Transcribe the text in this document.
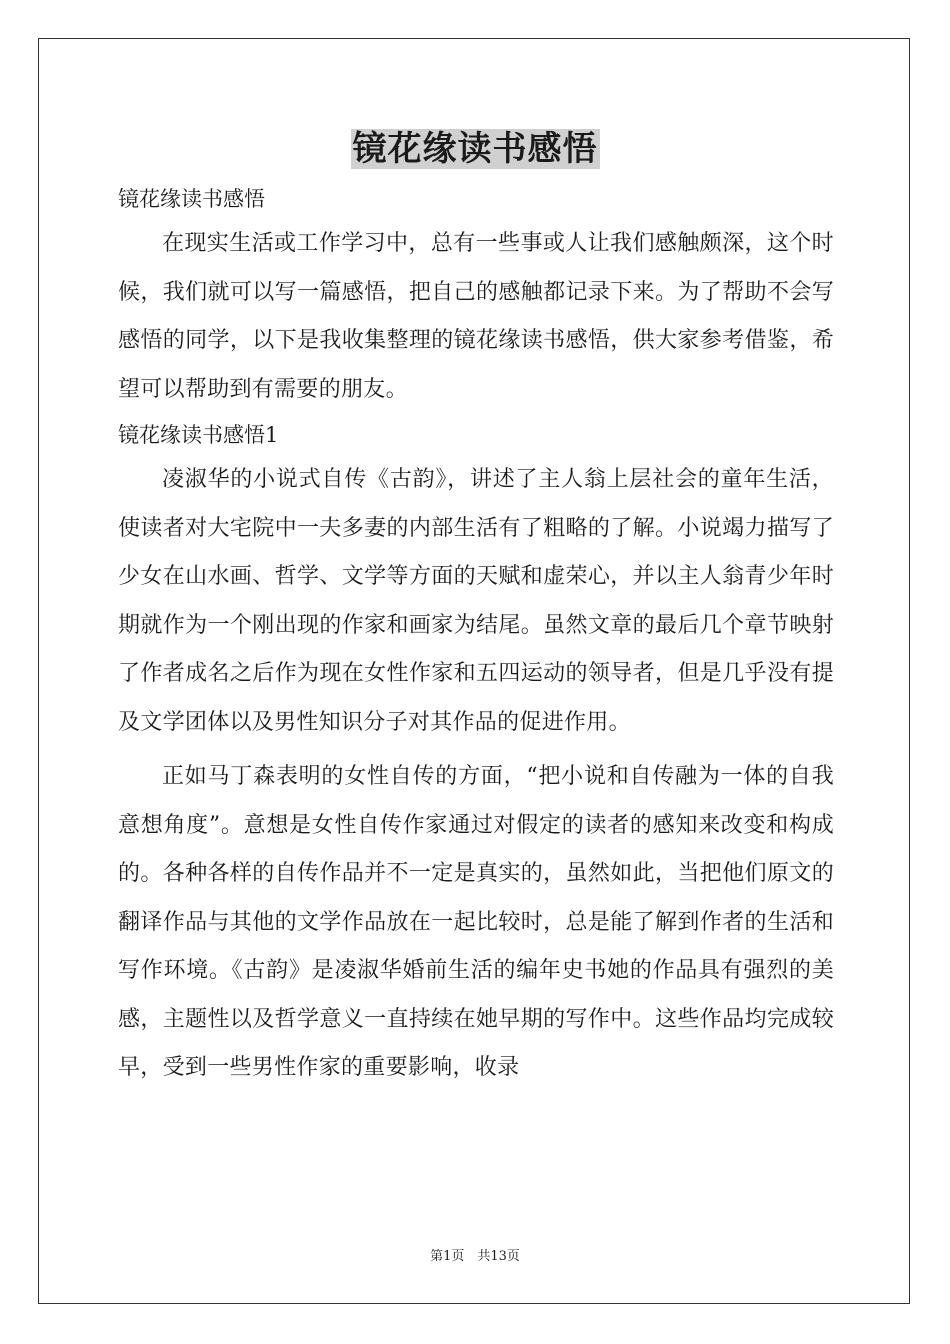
镜花缘读书感悟

镜花缘读书感悟

在现实生活或工作学习中，总有一些事或人让我们感触颇深，这个时候，我们就可以写一篇感悟，把自己的感触都记录下来。为了帮助不会写感悟的同学，以下是我收集整理的镜花缘读书感悟，供大家参考借鉴，希望可以帮助到有需要的朋友。

镜花缘读书感悟1

凌淑华的小说式自传《古韵》，讲述了主人翁上层社会的童年生活，使读者对大宅院中一夫多妻的内部生活有了粗略的了解。小说竭力描写了少女在山水画、哲学、文学等方面的天赋和虚荣心，并以主人翁青少年时期就作为一个刚出现的作家和画家为结尾。虽然文章的最后几个章节映射了作者成名之后作为现在女性作家和五四运动的领导者，但是几乎没有提及文学团体以及男性知识分子对其作品的促进作用。

正如马丁森表明的女性自传的方面，“把小说和自传融为一体的自我意想角度”。意想是女性自传作家通过对假定的读者的感知来改变和构成的。各种各样的自传作品并不一定是真实的，虽然如此，当把他们原文的翻译作品与其他的文学作品放在一起比较时，总是能了解到作者的生活和写作环境。《古韵》是凌淑华婚前生活的编年史书她的作品具有强烈的美感，主题性以及哲学意义一直持续在她早期的写作中。这些作品均完成较早，受到一些男性作家的重要影响，收录

第1页　共13页
